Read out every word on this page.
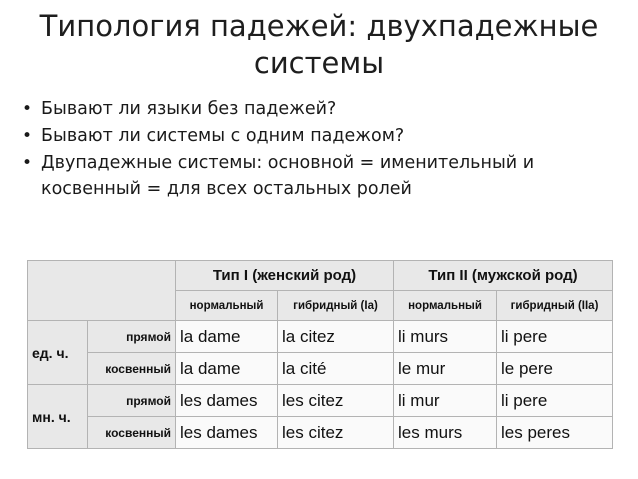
Типология падежей: двухпадежные
системы
• Бывают ли языки без падежей?
• Бывают ли системы с одним падежом?
• Двупадежные системы: основной = именительный и косвенный = для всех остальных ролей
		Тип I (женский род)		Тип II (мужской род)	
		нормальный	гибридный (Ia)	нормальный	гибридный (IIa)
ед. ч.	прямой	la dame	la citez	li murs	li pere
	косвенный	la dame	la cité	le mur	le pere
мн. ч.	прямой	les dames	les citez	li mur	li pere
	косвенный	les dames	les citez	les murs	les peres
